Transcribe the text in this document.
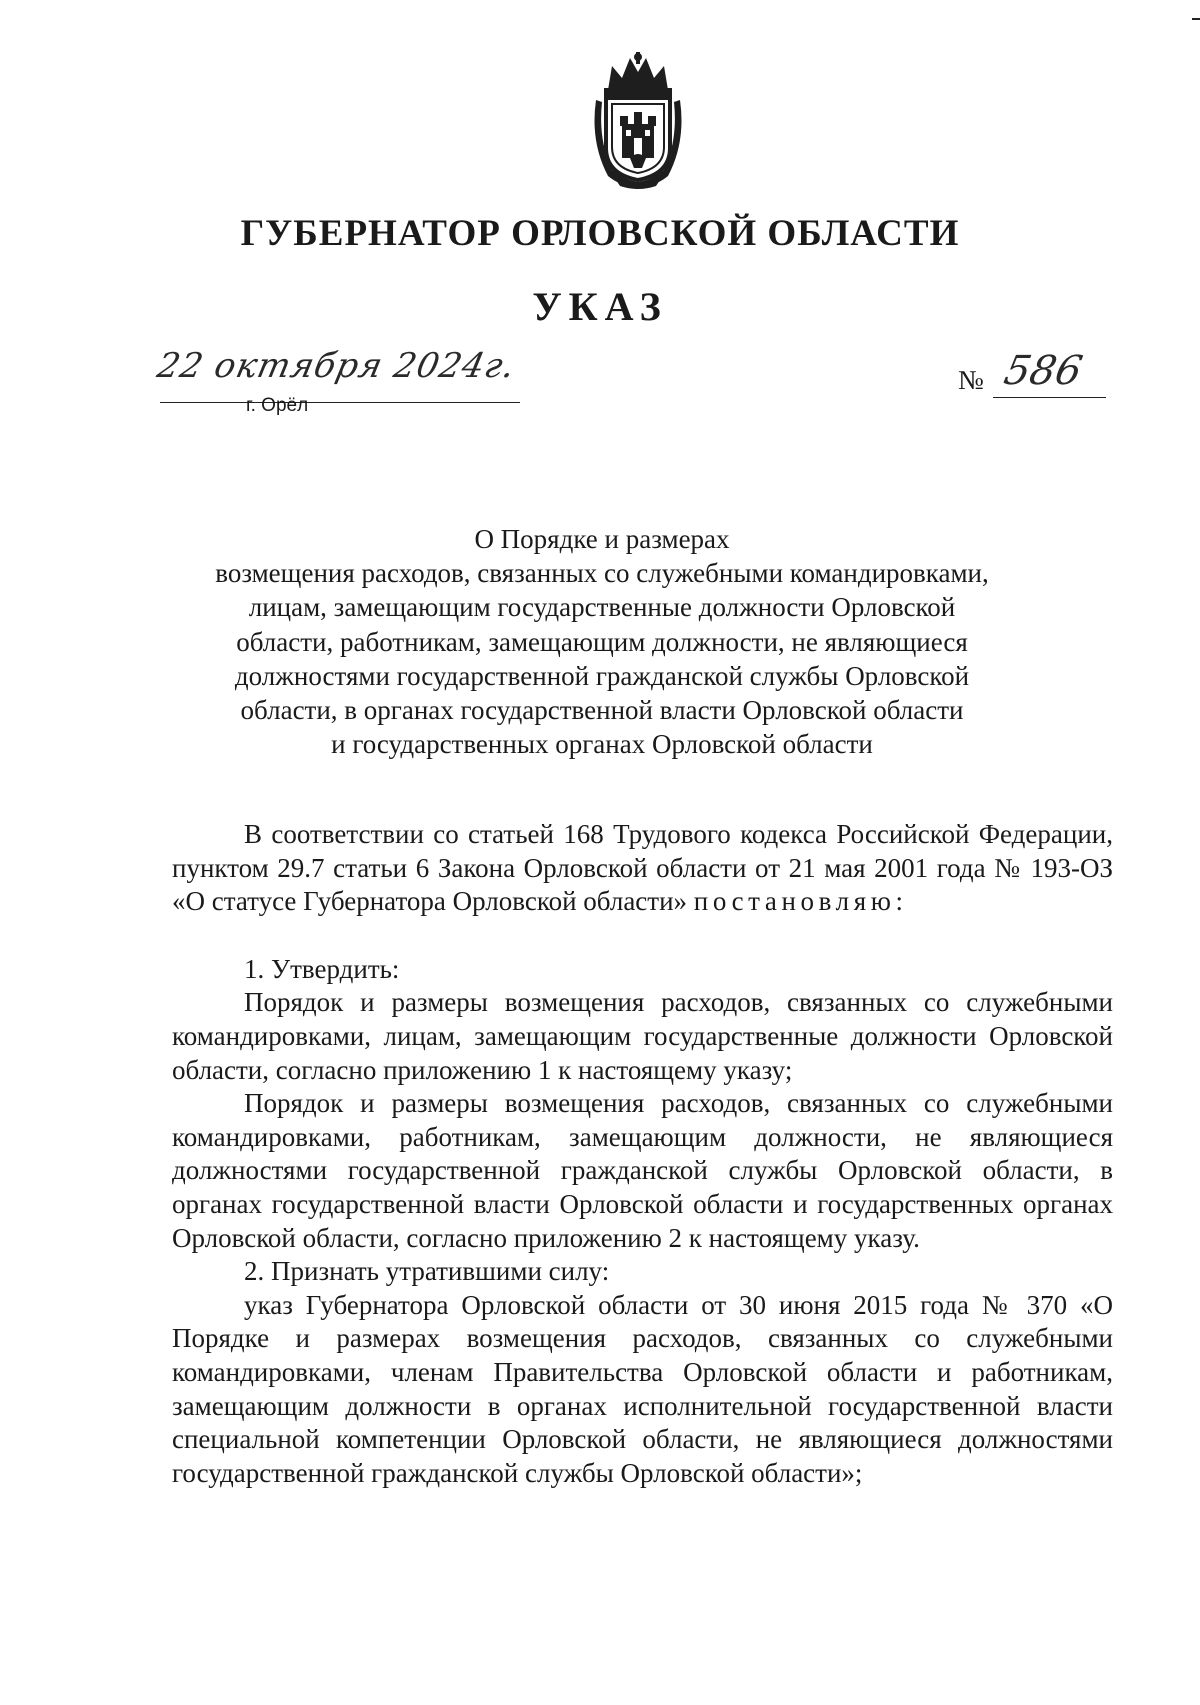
ГУБЕРНАТОР ОРЛОВСКОЙ ОБЛАСТИ
УКАЗ
22 октября 2024г.
г. Орёл
№ 586
О Порядке и размерах
возмещения расходов, связанных со служебными командировками,
лицам, замещающим государственные должности Орловской
области, работникам, замещающим должности, не являющиеся
должностями государственной гражданской службы Орловской
области, в органах государственной власти Орловской области
и государственных органах Орловской области

В соответствии со статьей 168 Трудового кодекса Российской Федерации, пунктом 29.7 статьи 6 Закона Орловской области от 21 мая 2001 года № 193-ОЗ «О статусе Губернатора Орловской области» постановляю:

1. Утвердить:

Порядок и размеры возмещения расходов, связанных со служебными командировками, лицам, замещающим государственные должности Орловской области, согласно приложению 1 к настоящему указу;

Порядок и размеры возмещения расходов, связанных со служебными командировками, работникам, замещающим должности, не являющиеся должностями государственной гражданской службы Орловской области, в органах государственной власти Орловской области и государственных органах Орловской области, согласно приложению 2 к настоящему указу.

2. Признать утратившими силу:

указ Губернатора Орловской области от 30 июня 2015 года № 370 «О Порядке и размерах возмещения расходов, связанных со служебными командировками, членам Правительства Орловской области и работникам, замещающим должности в органах исполнительной государственной власти специальной компетенции Орловской области, не являющиеся должностями государственной гражданской службы Орловской области»;
